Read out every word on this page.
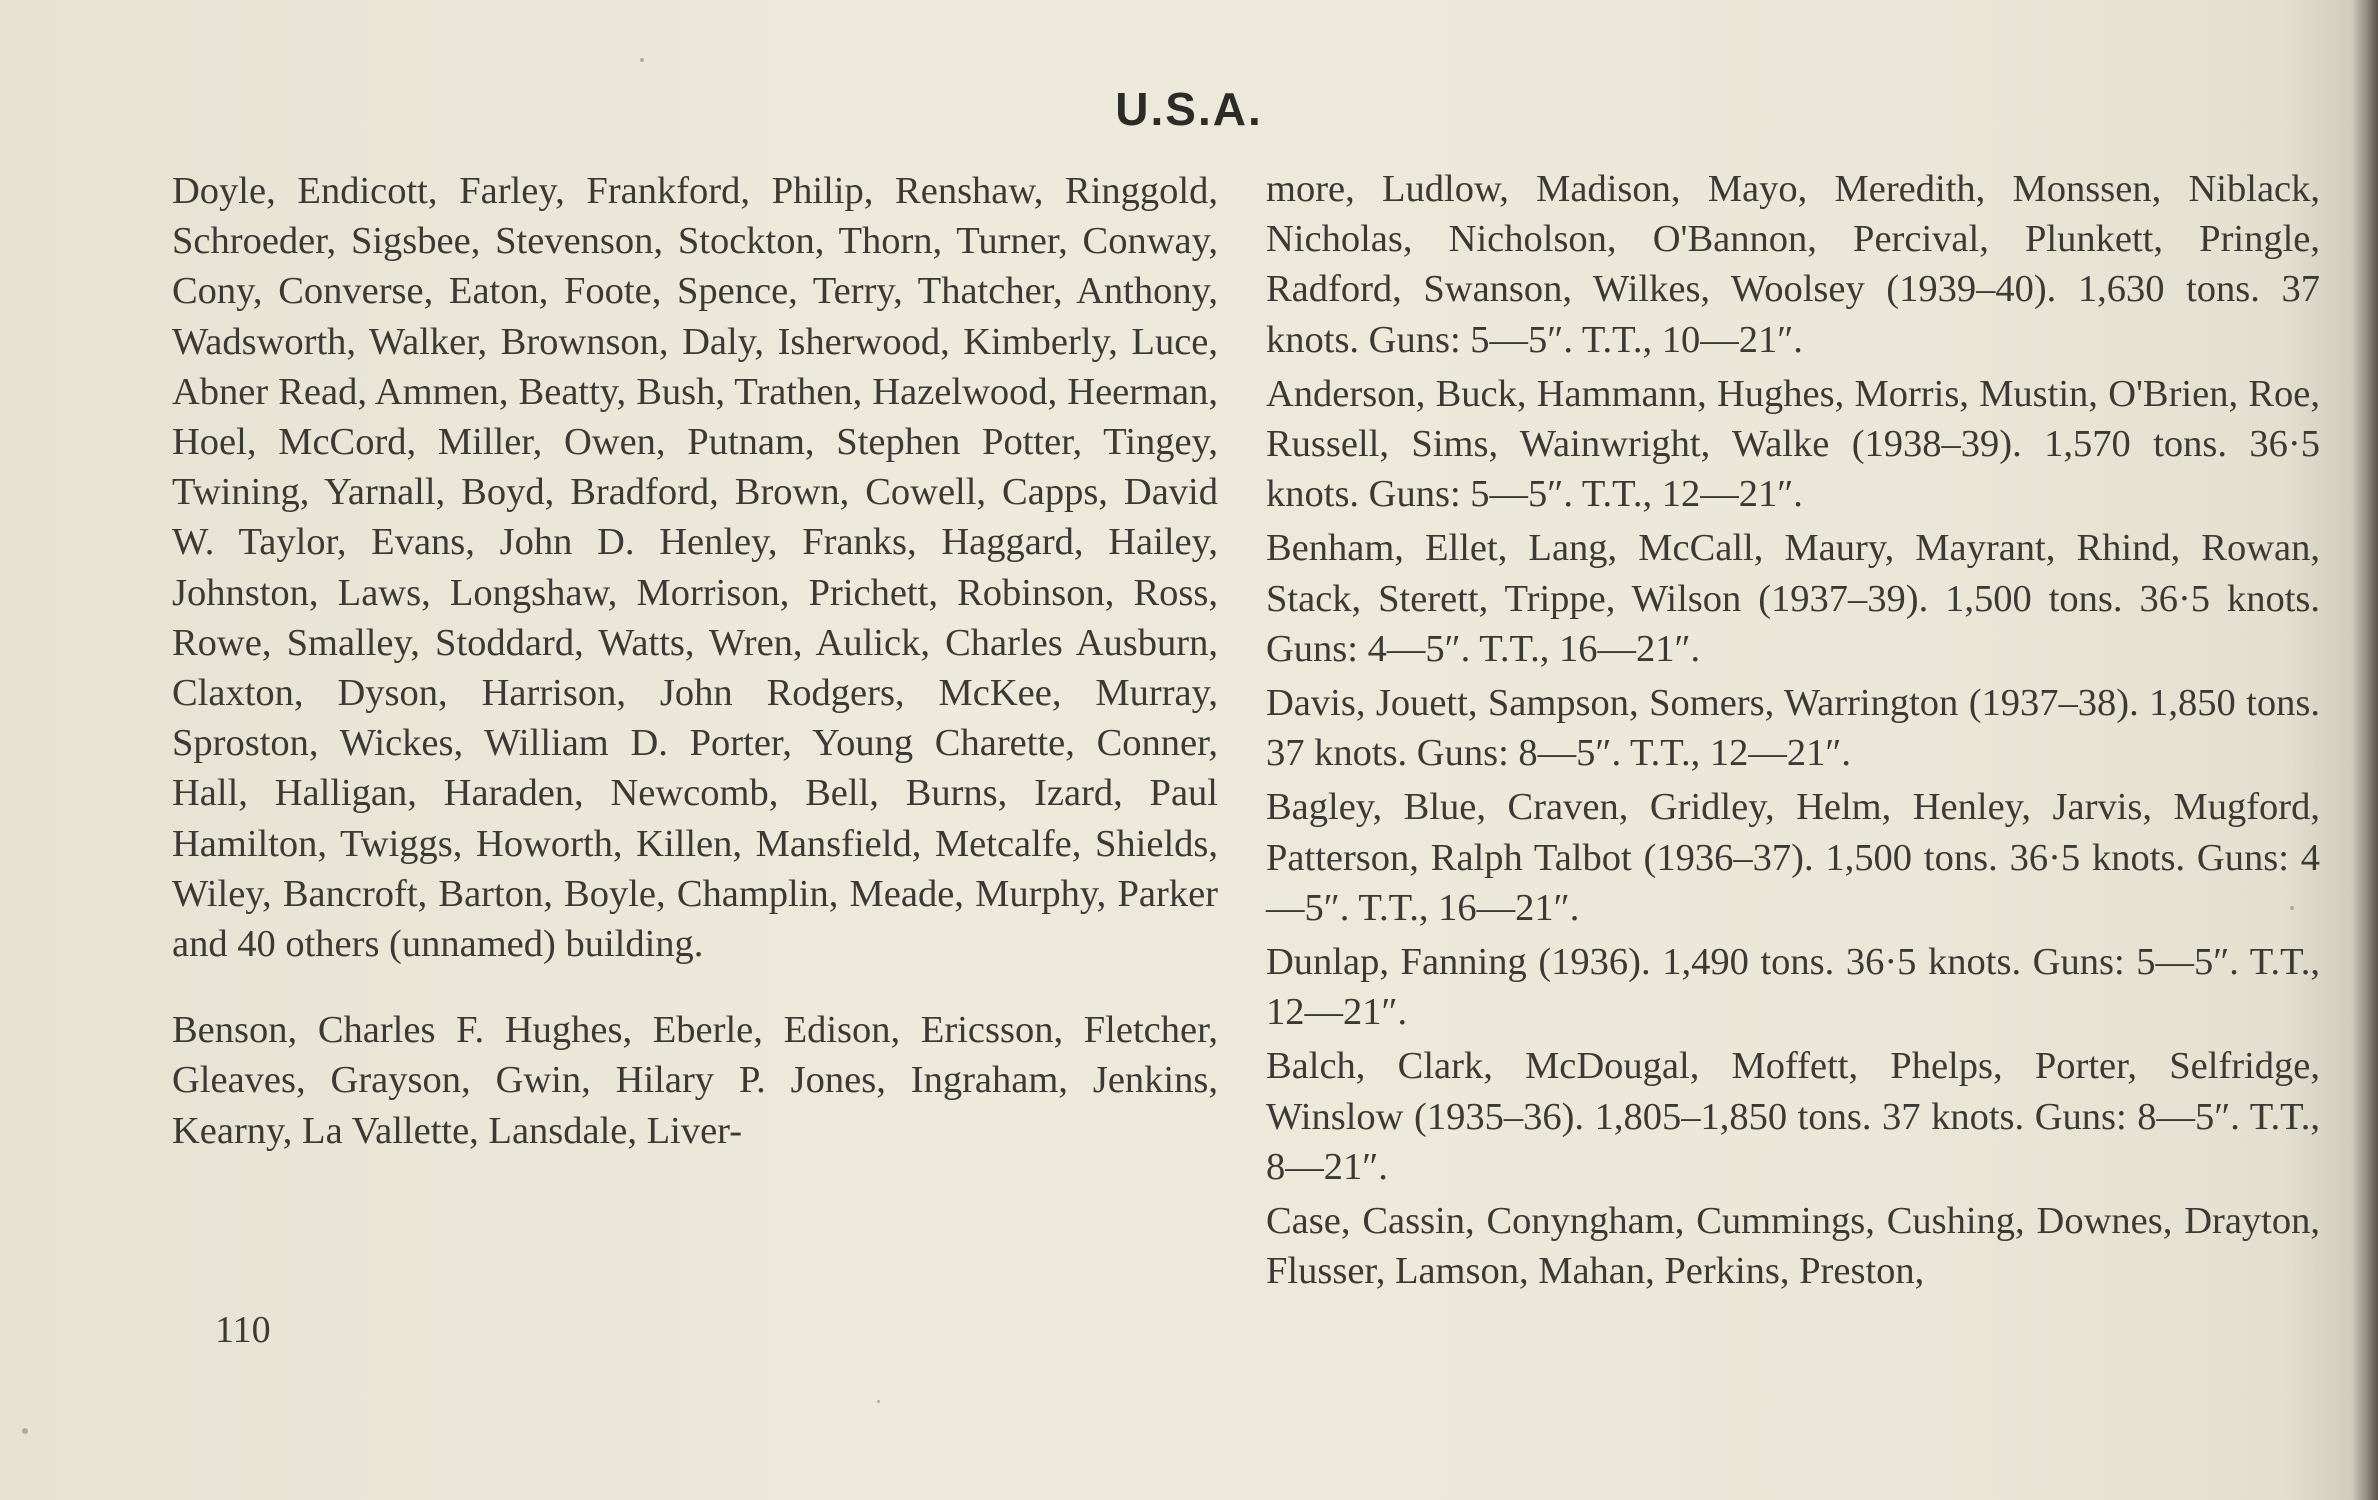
U.S.A.

Doyle, Endicott, Farley, Frankford, Philip, Renshaw, Ringgold, Schroeder, Sigsbee, Stevenson, Stockton, Thorn, Turner, Conway, Cony, Converse, Eaton, Foote, Spence, Terry, Thatcher, Anthony, Wadsworth, Walker, Brownson, Daly, Isherwood, Kimberly, Luce, Abner Read, Ammen, Beatty, Bush, Trathen, Hazelwood, Heerman, Hoel, McCord, Miller, Owen, Putnam, Stephen Potter, Tingey, Twining, Yarnall, Boyd, Bradford, Brown, Cowell, Capps, David W. Taylor, Evans, John D. Henley, Franks, Haggard, Hailey, Johnston, Laws, Longshaw, Morrison, Prichett, Robinson, Ross, Rowe, Smalley, Stoddard, Watts, Wren, Aulick, Charles Ausburn, Claxton, Dyson, Harrison, John Rodgers, McKee, Murray, Sproston, Wickes, William D. Porter, Young Charette, Conner, Hall, Halligan, Haraden, Newcomb, Bell, Burns, Izard, Paul Hamilton, Twiggs, Howorth, Killen, Mansfield, Metcalfe, Shields, Wiley, Bancroft, Barton, Boyle, Champlin, Meade, Murphy, Parker and 40 others (unnamed) building.

Benson, Charles F. Hughes, Eberle, Edison, Ericsson, Fletcher, Gleaves, Grayson, Gwin, Hilary P. Jones, Ingraham, Jenkins, Kearny, La Vallette, Lansdale, Liver-

more, Ludlow, Madison, Mayo, Meredith, Monssen, Niblack, Nicholas, Nicholson, O'Bannon, Percival, Plunkett, Pringle, Radford, Swanson, Wilkes, Woolsey (1939–40). 1,630 tons. 37 knots. Guns: 5—5″. T.T., 10—21″.

Anderson, Buck, Hammann, Hughes, Morris, Mustin, O'Brien, Roe, Russell, Sims, Wainwright, Walke (1938–39). 1,570 tons. 36·5 knots. Guns: 5—5″. T.T., 12—21″.

Benham, Ellet, Lang, McCall, Maury, Mayrant, Rhind, Rowan, Stack, Sterett, Trippe, Wilson (1937–39). 1,500 tons. 36·5 knots. Guns: 4—5″. T.T., 16—21″.

Davis, Jouett, Sampson, Somers, Warrington (1937–38). 1,850 tons. 37 knots. Guns: 8—5″. T.T., 12—21″.

Bagley, Blue, Craven, Gridley, Helm, Henley, Jarvis, Mugford, Patterson, Ralph Talbot (1936–37). 1,500 tons. 36·5 knots. Guns: 4—5″. T.T., 16—21″.

Dunlap, Fanning (1936). 1,490 tons. 36·5 knots. Guns: 5—5″. T.T., 12—21″.

Balch, Clark, McDougal, Moffett, Phelps, Porter, Selfridge, Winslow (1935–36). 1,805–1,850 tons. 37 knots. Guns: 8—5″. T.T., 8—21″.

Case, Cassin, Conyngham, Cummings, Cushing, Downes, Drayton, Flusser, Lamson, Mahan, Perkins, Preston,

110
